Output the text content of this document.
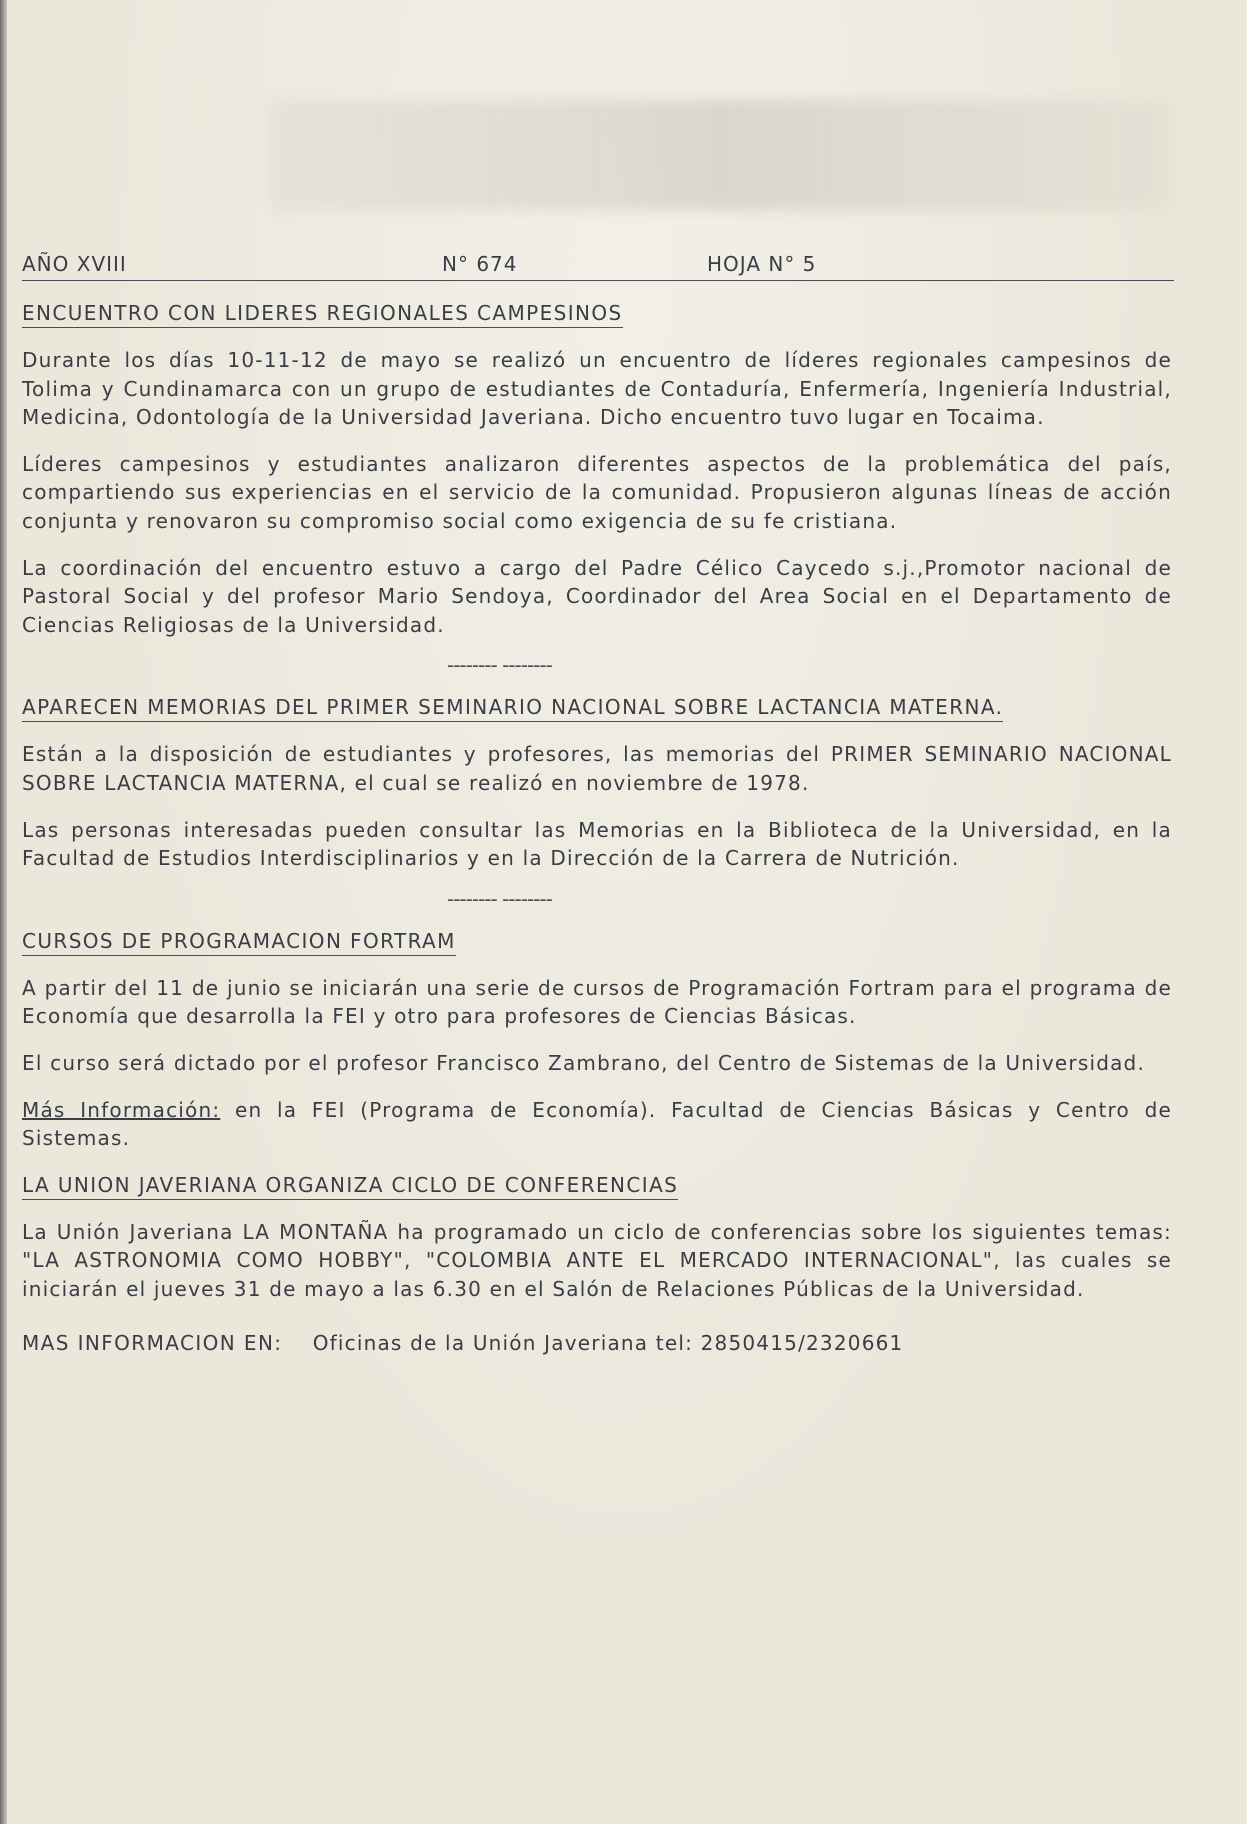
AÑO XVIII	N° 674	HOJA N° 5
ENCUENTRO CON LIDERES REGIONALES CAMPESINOS

Durante los días 10-11-12 de mayo se realizó un encuentro de líderes regionales campesinos de Tolima y Cundinamarca con un grupo de estudiantes de Contaduría, Enfermería, Ingeniería Industrial, Medicina, Odontología de la Universidad Javeriana. Dicho encuentro tuvo lugar en Tocaima.

Líderes campesinos y estudiantes analizaron diferentes aspectos de la problemática del país, compartiendo sus experiencias en el servicio de la comunidad. Propusieron algunas líneas de acción conjunta y renovaron su compromiso social como exigencia de su fe cristiana.

La coordinación del encuentro estuvo a cargo del Padre Célico Caycedo s.j.,Promotor nacional de Pastoral Social y del profesor Mario Sendoya, Coordinador del Area Social en el Departamento de Ciencias Religiosas de la Universidad.

-------- --------
APARECEN MEMORIAS DEL PRIMER SEMINARIO NACIONAL SOBRE LACTANCIA MATERNA.

Están a la disposición de estudiantes y profesores, las memorias del PRIMER SEMINARIO NACIONAL SOBRE LACTANCIA MATERNA, el cual se realizó en noviembre de 1978.

Las personas interesadas pueden consultar las Memorias en la Biblioteca de la Universidad, en la Facultad de Estudios Interdisciplinarios y en la Dirección de la Carrera de Nutrición.

-------- --------
CURSOS DE PROGRAMACION FORTRAM

A partir del 11 de junio se iniciarán una serie de cursos de Programación Fortram para el programa de Economía que desarrolla la FEI y otro para profesores de Ciencias Básicas.

El curso será dictado por el profesor Francisco Zambrano, del Centro de Sistemas de la Universidad.

Más Información: en la FEI (Programa de Economía). Facultad de Ciencias Básicas y Centro de Sistemas.

LA UNION JAVERIANA ORGANIZA CICLO DE CONFERENCIAS

La Unión Javeriana LA MONTAÑA ha programado un ciclo de conferencias sobre los siguientes temas: "LA ASTRONOMIA COMO HOBBY", "COLOMBIA ANTE EL MERCADO INTERNACIONAL", las cuales se iniciarán el jueves 31 de mayo a las 6.30 en el Salón de Relaciones Públicas de la Universidad.

MAS INFORMACION EN: Oficinas de la Unión Javeriana tel: 2850415/2320661
